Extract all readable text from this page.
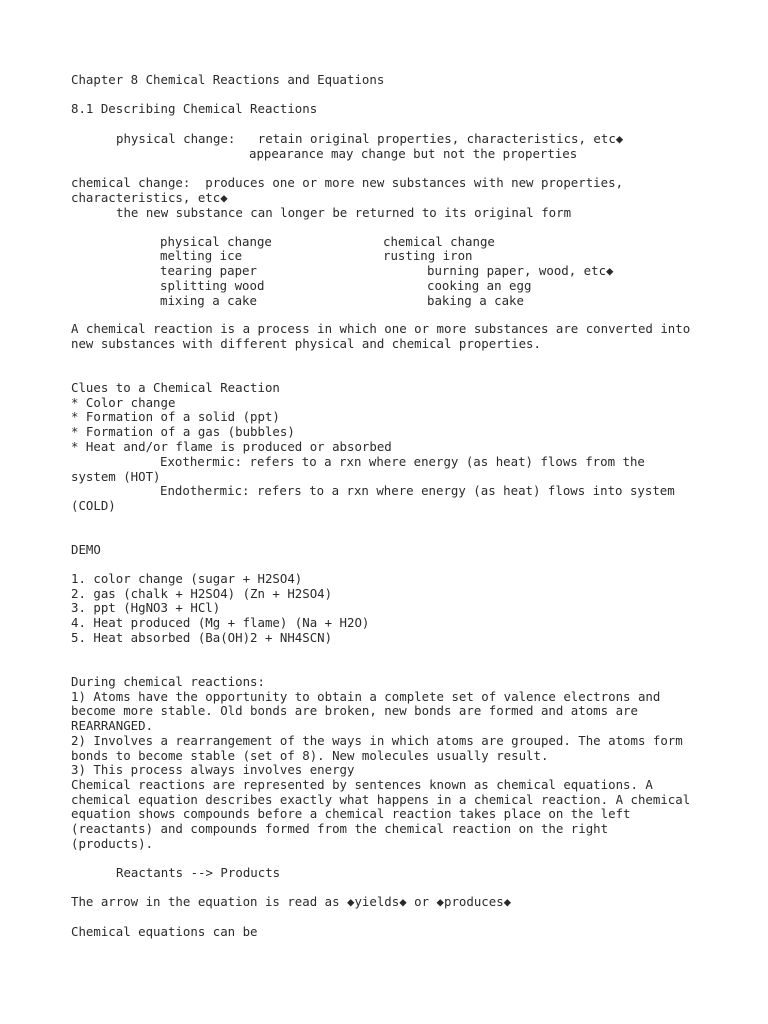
Chapter 8 Chemical Reactions and Equations

8.1 Describing Chemical Reactions

physical change:   retain original properties, characteristics, etc◆

appearance may change but not the properties

chemical change:  produces one or more new substances with new properties,

characteristics, etc◆

the new substance can longer be returned to its original form

physical change	chemical change

melting ice	rusting iron

tearing paper	burning paper, wood, etc◆

splitting wood	cooking an egg

mixing a cake	baking a cake

A chemical reaction is a process in which one or more substances are converted into

new substances with different physical and chemical properties.

Clues to a Chemical Reaction

* Color change

* Formation of a solid (ppt)

* Formation of a gas (bubbles)

* Heat and/or flame is produced or absorbed

Exothermic: refers to a rxn where energy (as heat) flows from the

system (HOT)

Endothermic: refers to a rxn where energy (as heat) flows into system

(COLD)

DEMO

1. color change (sugar + H2SO4)

2. gas (chalk + H2SO4) (Zn + H2SO4)

3. ppt (HgNO3 + HCl)

4. Heat produced (Mg + flame) (Na + H2O)

5. Heat absorbed (Ba(OH)2 + NH4SCN)

During chemical reactions:

1) Atoms have the opportunity to obtain a complete set of valence electrons and

become more stable. Old bonds are broken, new bonds are formed and atoms are

REARRANGED.

2) Involves a rearrangement of the ways in which atoms are grouped. The atoms form

bonds to become stable (set of 8). New molecules usually result.

3) This process always involves energy

Chemical reactions are represented by sentences known as chemical equations. A

chemical equation describes exactly what happens in a chemical reaction. A chemical

equation shows compounds before a chemical reaction takes place on the left

(reactants) and compounds formed from the chemical reaction on the right

(products).

Reactants --> Products

The arrow in the equation is read as ◆yields◆ or ◆produces◆

Chemical equations can be
